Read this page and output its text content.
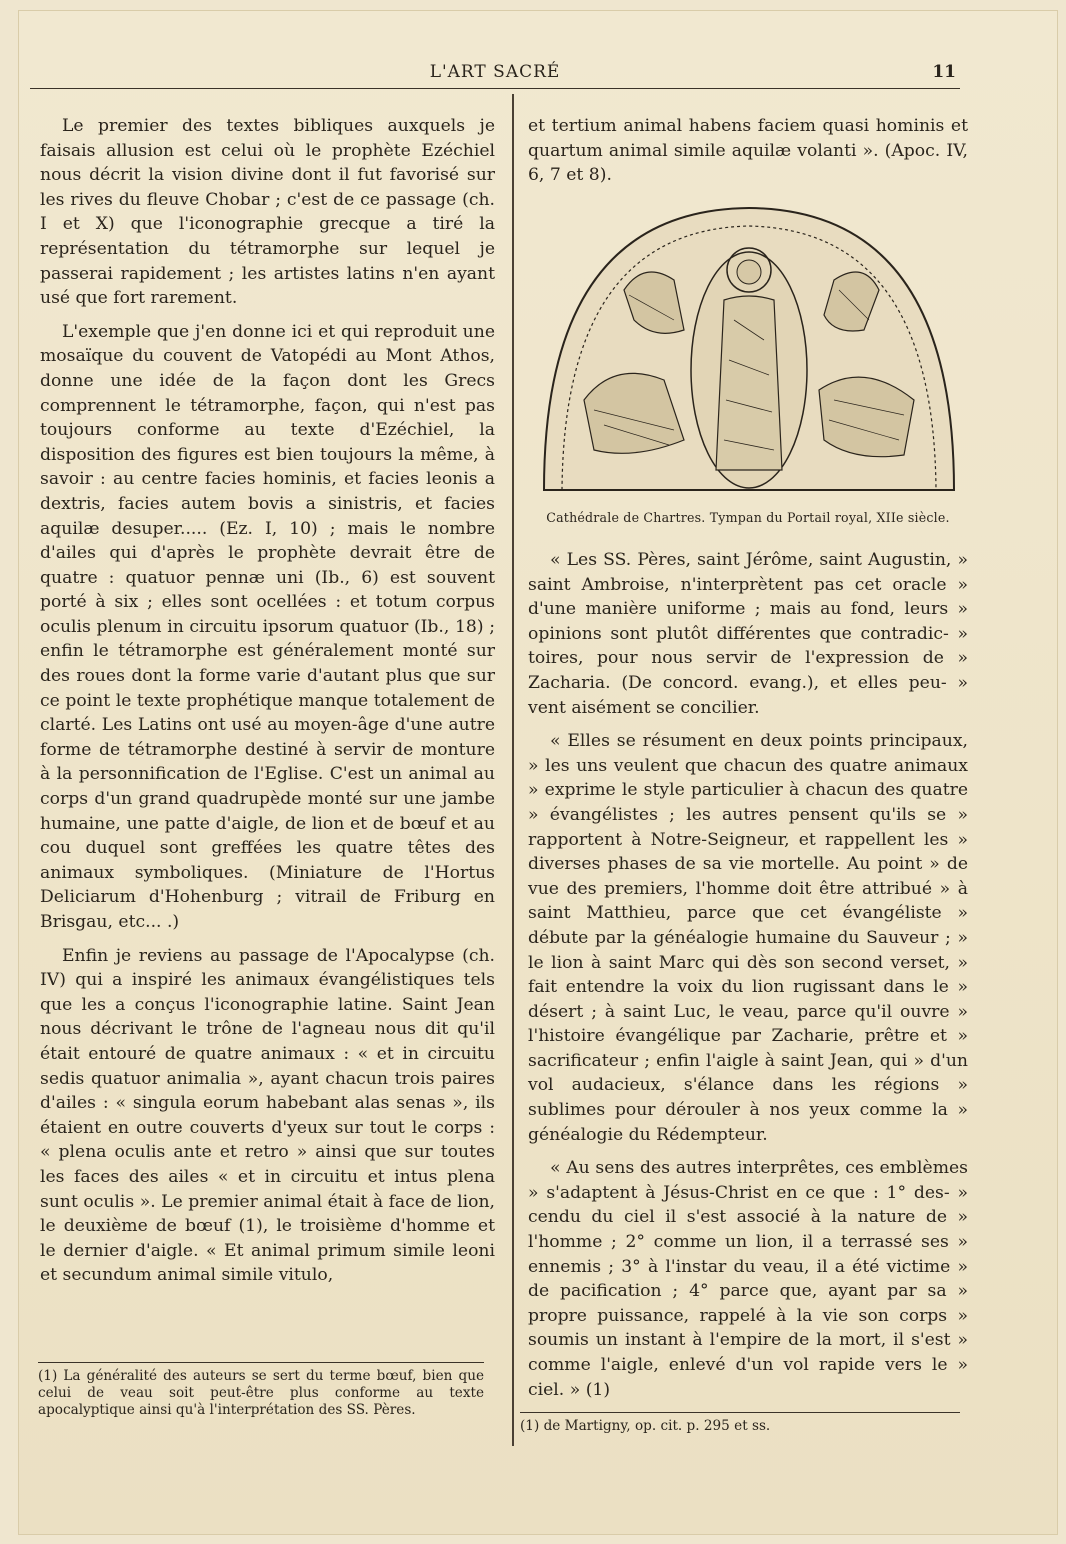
L'ART SACRÉ	11

Le premier des textes bibliques auxquels je faisais allusion est celui où le prophète Ezéchiel nous décrit la vision divine dont il fut favorisé sur les rives du fleuve Chobar ; c'est de ce passage (ch. I et X) que l'iconographie grecque a tiré la représentation du tétramorphe sur lequel je passerai rapidement ; les artistes latins n'en ayant usé que fort rarement.

L'exemple que j'en donne ici et qui reproduit une mosaïque du couvent de Vatopédi au Mont Athos, donne une idée de la façon dont les Grecs comprennent le tétramorphe, façon, qui n'est pas toujours conforme au texte d'Ezéchiel, la disposition des figures est bien toujours la même, à savoir : au centre facies hominis, et facies leonis a dextris, facies autem bovis a sinistris, et facies aquilæ desuper..... (Ez. I, 10) ; mais le nombre d'ailes qui d'après le prophète devrait être de quatre : quatuor pennæ uni (Ib., 6) est souvent porté à six ; elles sont ocellées : et totum corpus oculis plenum in circuitu ipsorum quatuor (Ib., 18) ; enfin le tétramorphe est généralement monté sur des roues dont la forme varie d'autant plus que sur ce point le texte prophétique manque totalement de clarté. Les Latins ont usé au moyen-âge d'une autre forme de tétramorphe destiné à servir de monture à la personnification de l'Eglise. C'est un animal au corps d'un grand quadrupède monté sur une jambe humaine, une patte d'aigle, de lion et de bœuf et au cou duquel sont greffées les quatre têtes des animaux symboliques. (Miniature de l'Hortus Deliciarum d'Hohenburg ; vitrail de Friburg en Brisgau, etc... .)

Enfin je reviens au passage de l'Apocalypse (ch. IV) qui a inspiré les animaux évangélistiques tels que les a conçus l'iconographie latine. Saint Jean nous décrivant le trône de l'agneau nous dit qu'il était entouré de quatre animaux : « et in circuitu sedis quatuor animalia », ayant chacun trois paires d'ailes : « singula eorum habebant alas senas », ils étaient en outre couverts d'yeux sur tout le corps : « plena oculis ante et retro » ainsi que sur toutes les faces des ailes « et in circuitu et intus plena sunt oculis ». Le premier animal était à face de lion, le deuxième de bœuf (1), le troisième d'homme et le dernier d'aigle. « Et animal primum simile leoni et secundum animal simile vitulo,

(1) La généralité des auteurs se sert du terme bœuf, bien que celui de veau soit peut-être plus conforme au texte apocalyptique ainsi qu'à l'interprétation des SS. Pères.

et tertium animal habens faciem quasi hominis et quartum animal simile aquilæ volanti ». (Apoc. IV, 6, 7 et 8).

Cathédrale de Chartres. Tympan du Portail royal, XIIe siècle.

« Les SS. Pères, saint Jérôme, saint Augustin, » saint Ambroise, n'interprètent pas cet oracle » d'une manière uniforme ; mais au fond, leurs » opinions sont plutôt différentes que contradic- » toires, pour nous servir de l'expression de » Zacharia. (De concord. evang.), et elles peu- » vent aisément se concilier.

« Elles se résument en deux points principaux, » les uns veulent que chacun des quatre animaux » exprime le style particulier à chacun des quatre » évangélistes ; les autres pensent qu'ils se » rapportent à Notre-Seigneur, et rappellent les » diverses phases de sa vie mortelle. Au point » de vue des premiers, l'homme doit être attribué » à saint Matthieu, parce que cet évangéliste » débute par la généalogie humaine du Sauveur ; » le lion à saint Marc qui dès son second verset, » fait entendre la voix du lion rugissant dans le » désert ; à saint Luc, le veau, parce qu'il ouvre » l'histoire évangélique par Zacharie, prêtre et » sacrificateur ; enfin l'aigle à saint Jean, qui » d'un vol audacieux, s'élance dans les régions » sublimes pour dérouler à nos yeux comme la » généalogie du Rédempteur.

« Au sens des autres interprêtes, ces emblèmes » s'adaptent à Jésus-Christ en ce que : 1° des- » cendu du ciel il s'est associé à la nature de » l'homme ; 2° comme un lion, il a terrassé ses » ennemis ; 3° à l'instar du veau, il a été victime » de pacification ; 4° parce que, ayant par sa » propre puissance, rappelé à la vie son corps » soumis un instant à l'empire de la mort, il s'est » comme l'aigle, enlevé d'un vol rapide vers le » ciel. » (1)

(1) de Martigny, op. cit. p. 295 et ss.
